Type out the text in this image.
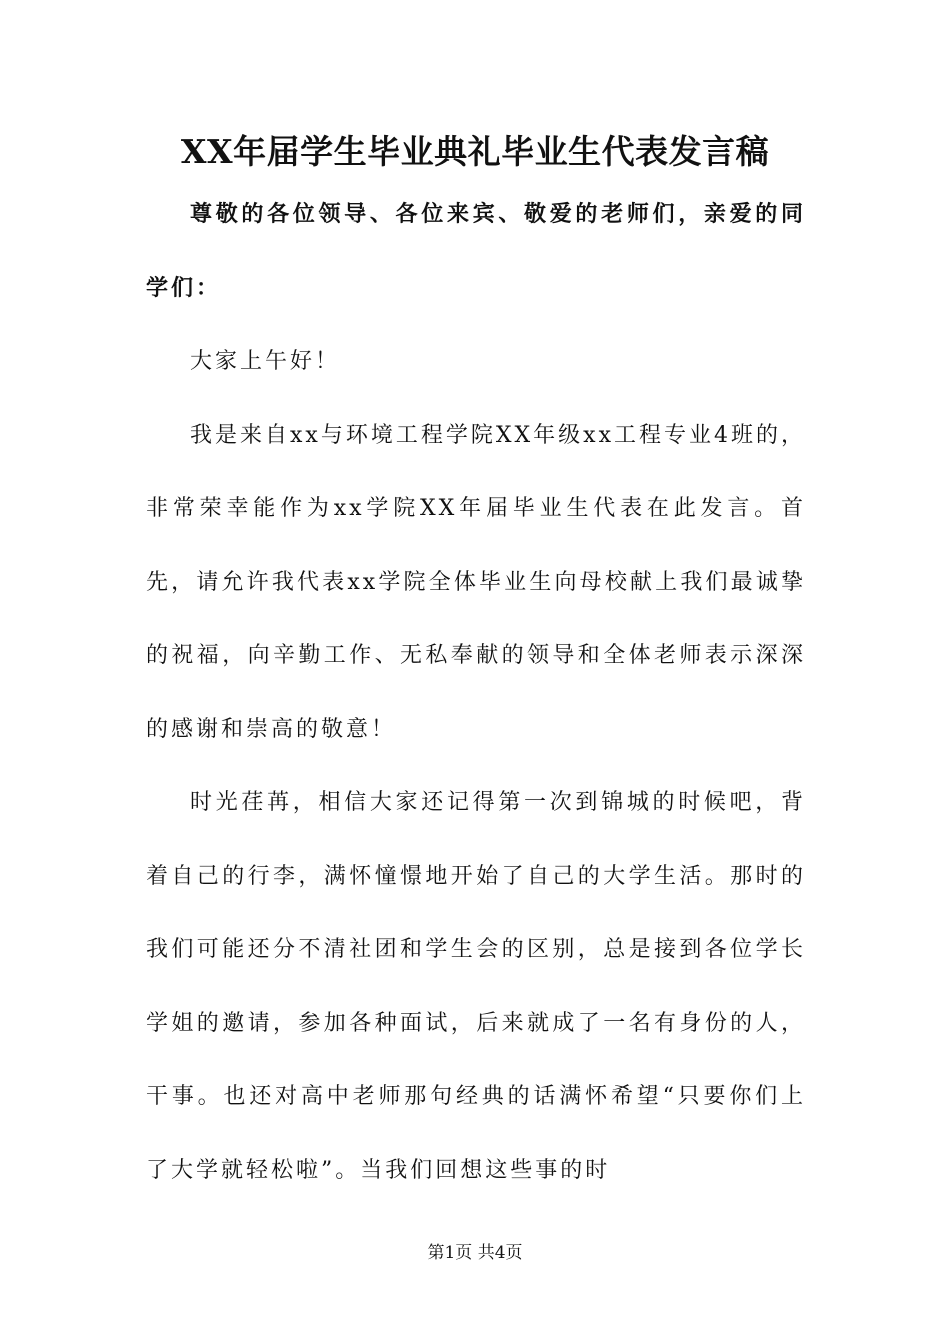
XX年届学生毕业典礼毕业生代表发言稿

尊敬的各位领导、各位来宾、敬爱的老师们，亲爱的同学们：

大家上午好！

我是来自xx与环境工程学院XX年级xx工程专业4班的，非常荣幸能作为xx学院XX年届毕业生代表在此发言。首先，请允许我代表xx学院全体毕业生向母校献上我们最诚挚的祝福，向辛勤工作、无私奉献的领导和全体老师表示深深的感谢和崇高的敬意！

时光荏苒，相信大家还记得第一次到锦城的时候吧，背着自己的行李，满怀憧憬地开始了自己的大学生活。那时的我们可能还分不清社团和学生会的区别，总是接到各位学长学姐的邀请，参加各种面试，后来就成了一名有身份的人，干事。也还对高中老师那句经典的话满怀希望“只要你们上了大学就轻松啦”。当我们回想这些事的时

第1页 共4页
